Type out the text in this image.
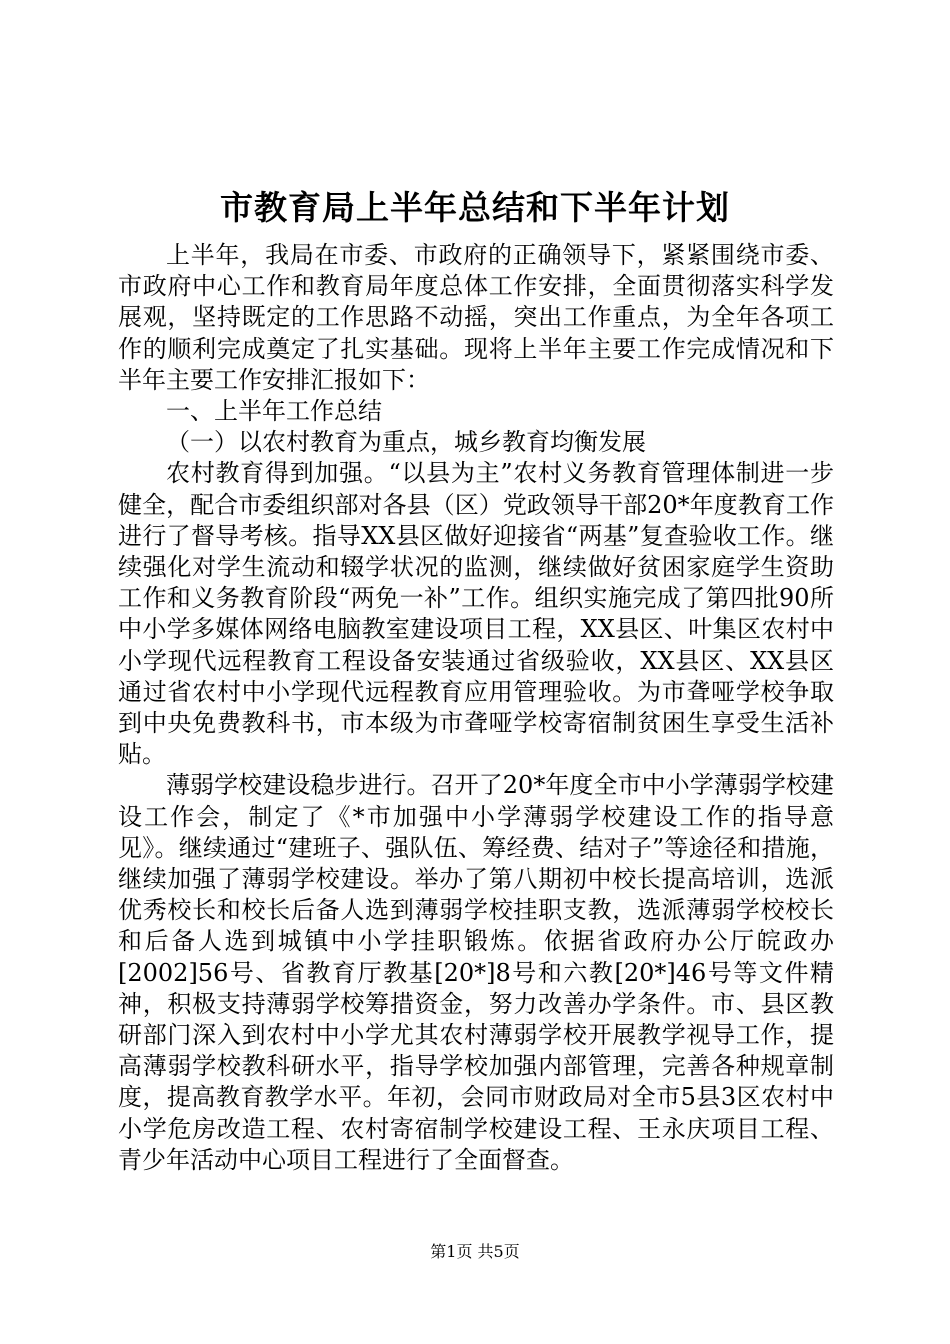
市教育局上半年总结和下半年计划

上半年，我局在市委、市政府的正确领导下，紧紧围绕市委、市政府中心工作和教育局年度总体工作安排，全面贯彻落实科学发展观，坚持既定的工作思路不动摇，突出工作重点，为全年各项工作的顺利完成奠定了扎实基础。现将上半年主要工作完成情况和下半年主要工作安排汇报如下：

一、上半年工作总结

（一）以农村教育为重点，城乡教育均衡发展

农村教育得到加强。“以县为主”农村义务教育管理体制进一步健全，配合市委组织部对各县（区）党政领导干部20*年度教育工作进行了督导考核。指导XX县区做好迎接省“两基”复查验收工作。继续强化对学生流动和辍学状况的监测，继续做好贫困家庭学生资助工作和义务教育阶段“两免一补”工作。组织实施完成了第四批90所中小学多媒体网络电脑教室建设项目工程，XX县区、叶集区农村中小学现代远程教育工程设备安装通过省级验收，XX县区、XX县区通过省农村中小学现代远程教育应用管理验收。为市聋哑学校争取到中央免费教科书，市本级为市聋哑学校寄宿制贫困生享受生活补贴。

薄弱学校建设稳步进行。召开了20*年度全市中小学薄弱学校建设工作会，制定了《*市加强中小学薄弱学校建设工作的指导意见》。继续通过“建班子、强队伍、筹经费、结对子”等途径和措施，继续加强了薄弱学校建设。举办了第八期初中校长提高培训，选派优秀校长和校长后备人选到薄弱学校挂职支教，选派薄弱学校校长和后备人选到城镇中小学挂职锻炼。依据省政府办公厅皖政办[2002]56号、省教育厅教基[20*]8号和六教[20*]46号等文件精神，积极支持薄弱学校筹措资金，努力改善办学条件。市、县区教研部门深入到农村中小学尤其农村薄弱学校开展教学视导工作，提高薄弱学校教科研水平，指导学校加强内部管理，完善各种规章制度，提高教育教学水平。年初，会同市财政局对全市5县3区农村中小学危房改造工程、农村寄宿制学校建设工程、王永庆项目工程、青少年活动中心项目工程进行了全面督查。

第1页 共5页
